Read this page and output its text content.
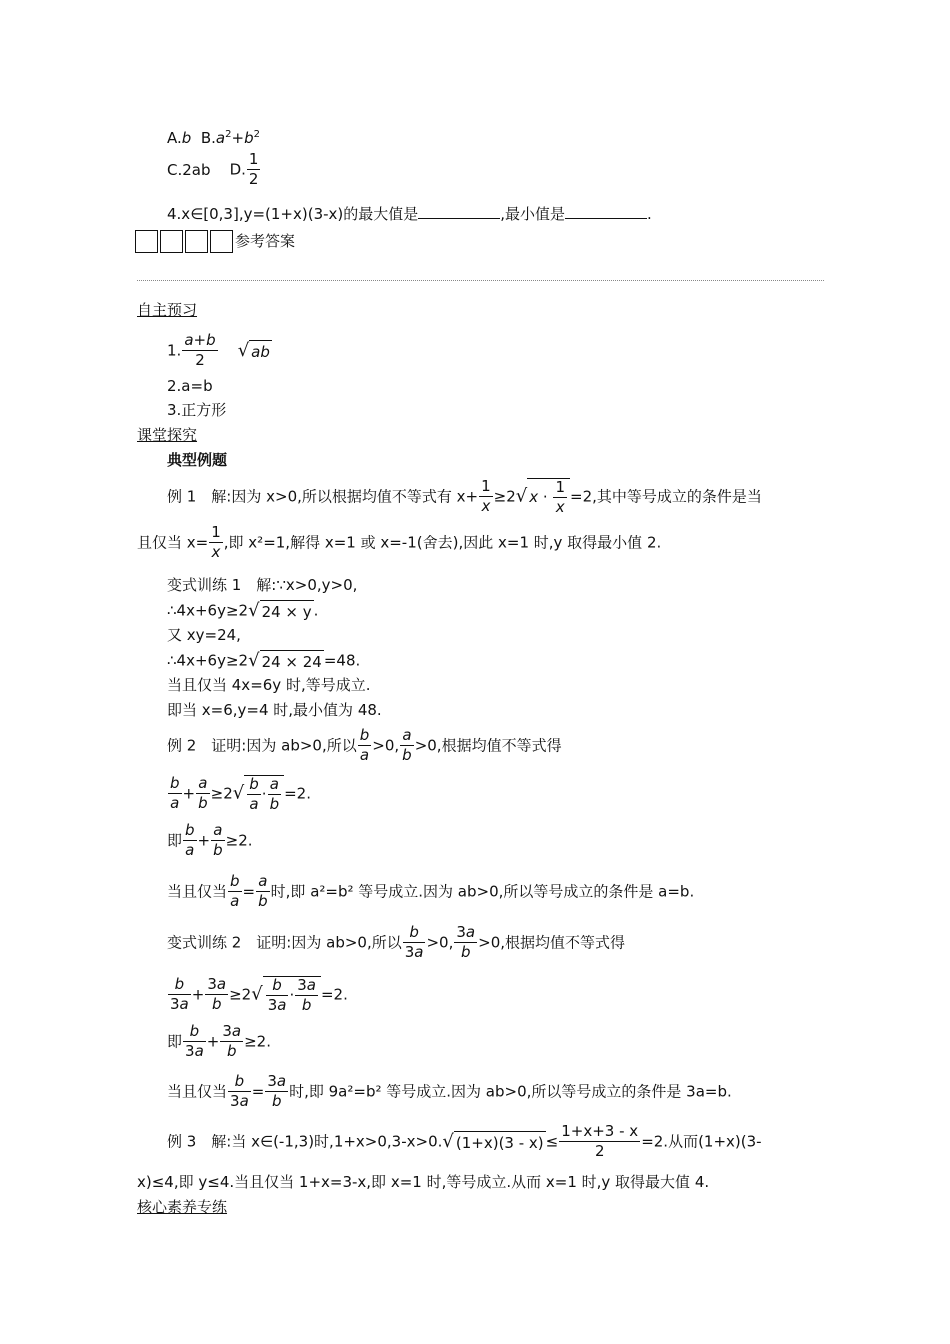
A.b $B.a^2+b^2$
C.2ab D. $\frac{1}{2}$
4.x∈[0,3],y=(1+x)(3-x)的最大值是	,最小值是	.
参考答案
自主预习
1. $\frac{a+b}{2}$ √ ab
2.a=b
3.正方形
课堂探究
典型例题
例 1　解:因为 x>0,所以根据均值不等式有 $x+ \frac{1}{x} \ge 2√$ $x \cdot \frac{1}{x} =2$,其中等号成立的条件是当
且仅当 $x= \frac{1}{x}$ ,即 x²=1,解得 x=1 或 x=-1(舍去),因此 x=1 时,y 取得最小值 2.
变式训练 1　解:∵x>0,y>0,
∴4x+6y≥2√ 24 × y .
又 xy=24,
∴4x+6y≥2√ 24 × 24 =48.
当且仅当 4x=6y 时,等号成立.
即当 x=6,y=4 时,最小值为 48.
例 2　证明:因为 ab>0,所以 $\frac{b}{a} >0$, $\frac{a}{b} >0$,根据均值不等式得
$\frac{b}{a} + \frac{a}{b} \ge 2√ \frac{b}{a} \cdot \frac{a}{b} =2$.
即 $\frac{b}{a} + \frac{a}{b} \ge 2$.
当且仅当 $\frac{b}{a} = \frac{a}{b}$ 时,即 a²=b² 等号成立.因为 ab>0,所以等号成立的条件是 a=b.
变式训练 2　证明:因为 ab>0,所以 $\frac{b}{3a} >0$, $\frac{3a}{b} >0$,根据均值不等式得
$\frac{b}{3a} + \frac{3a}{b} \ge 2√ \frac{b}{3a} \cdot \frac{3a}{b} =2$.
即 $\frac{b}{3a} + \frac{3a}{b} \ge 2$.
当且仅当 $\frac{b}{3a} = \frac{3a}{b}$ 时,即 9a²=b² 等号成立.因为 ab>0,所以等号成立的条件是 3a=b.
例 3　解:当 x∈(-1,3)时,1+x>0,3-x>0.√ $(1+x)(3 - x) \le \frac{1+x+3 - x}{2} =2$.从而(1+x)(3-
x)≤4,即 y≤4.当且仅当 1+x=3-x,即 x=1 时,等号成立.从而 x=1 时,y 取得最大值 4.
核心素养专练
